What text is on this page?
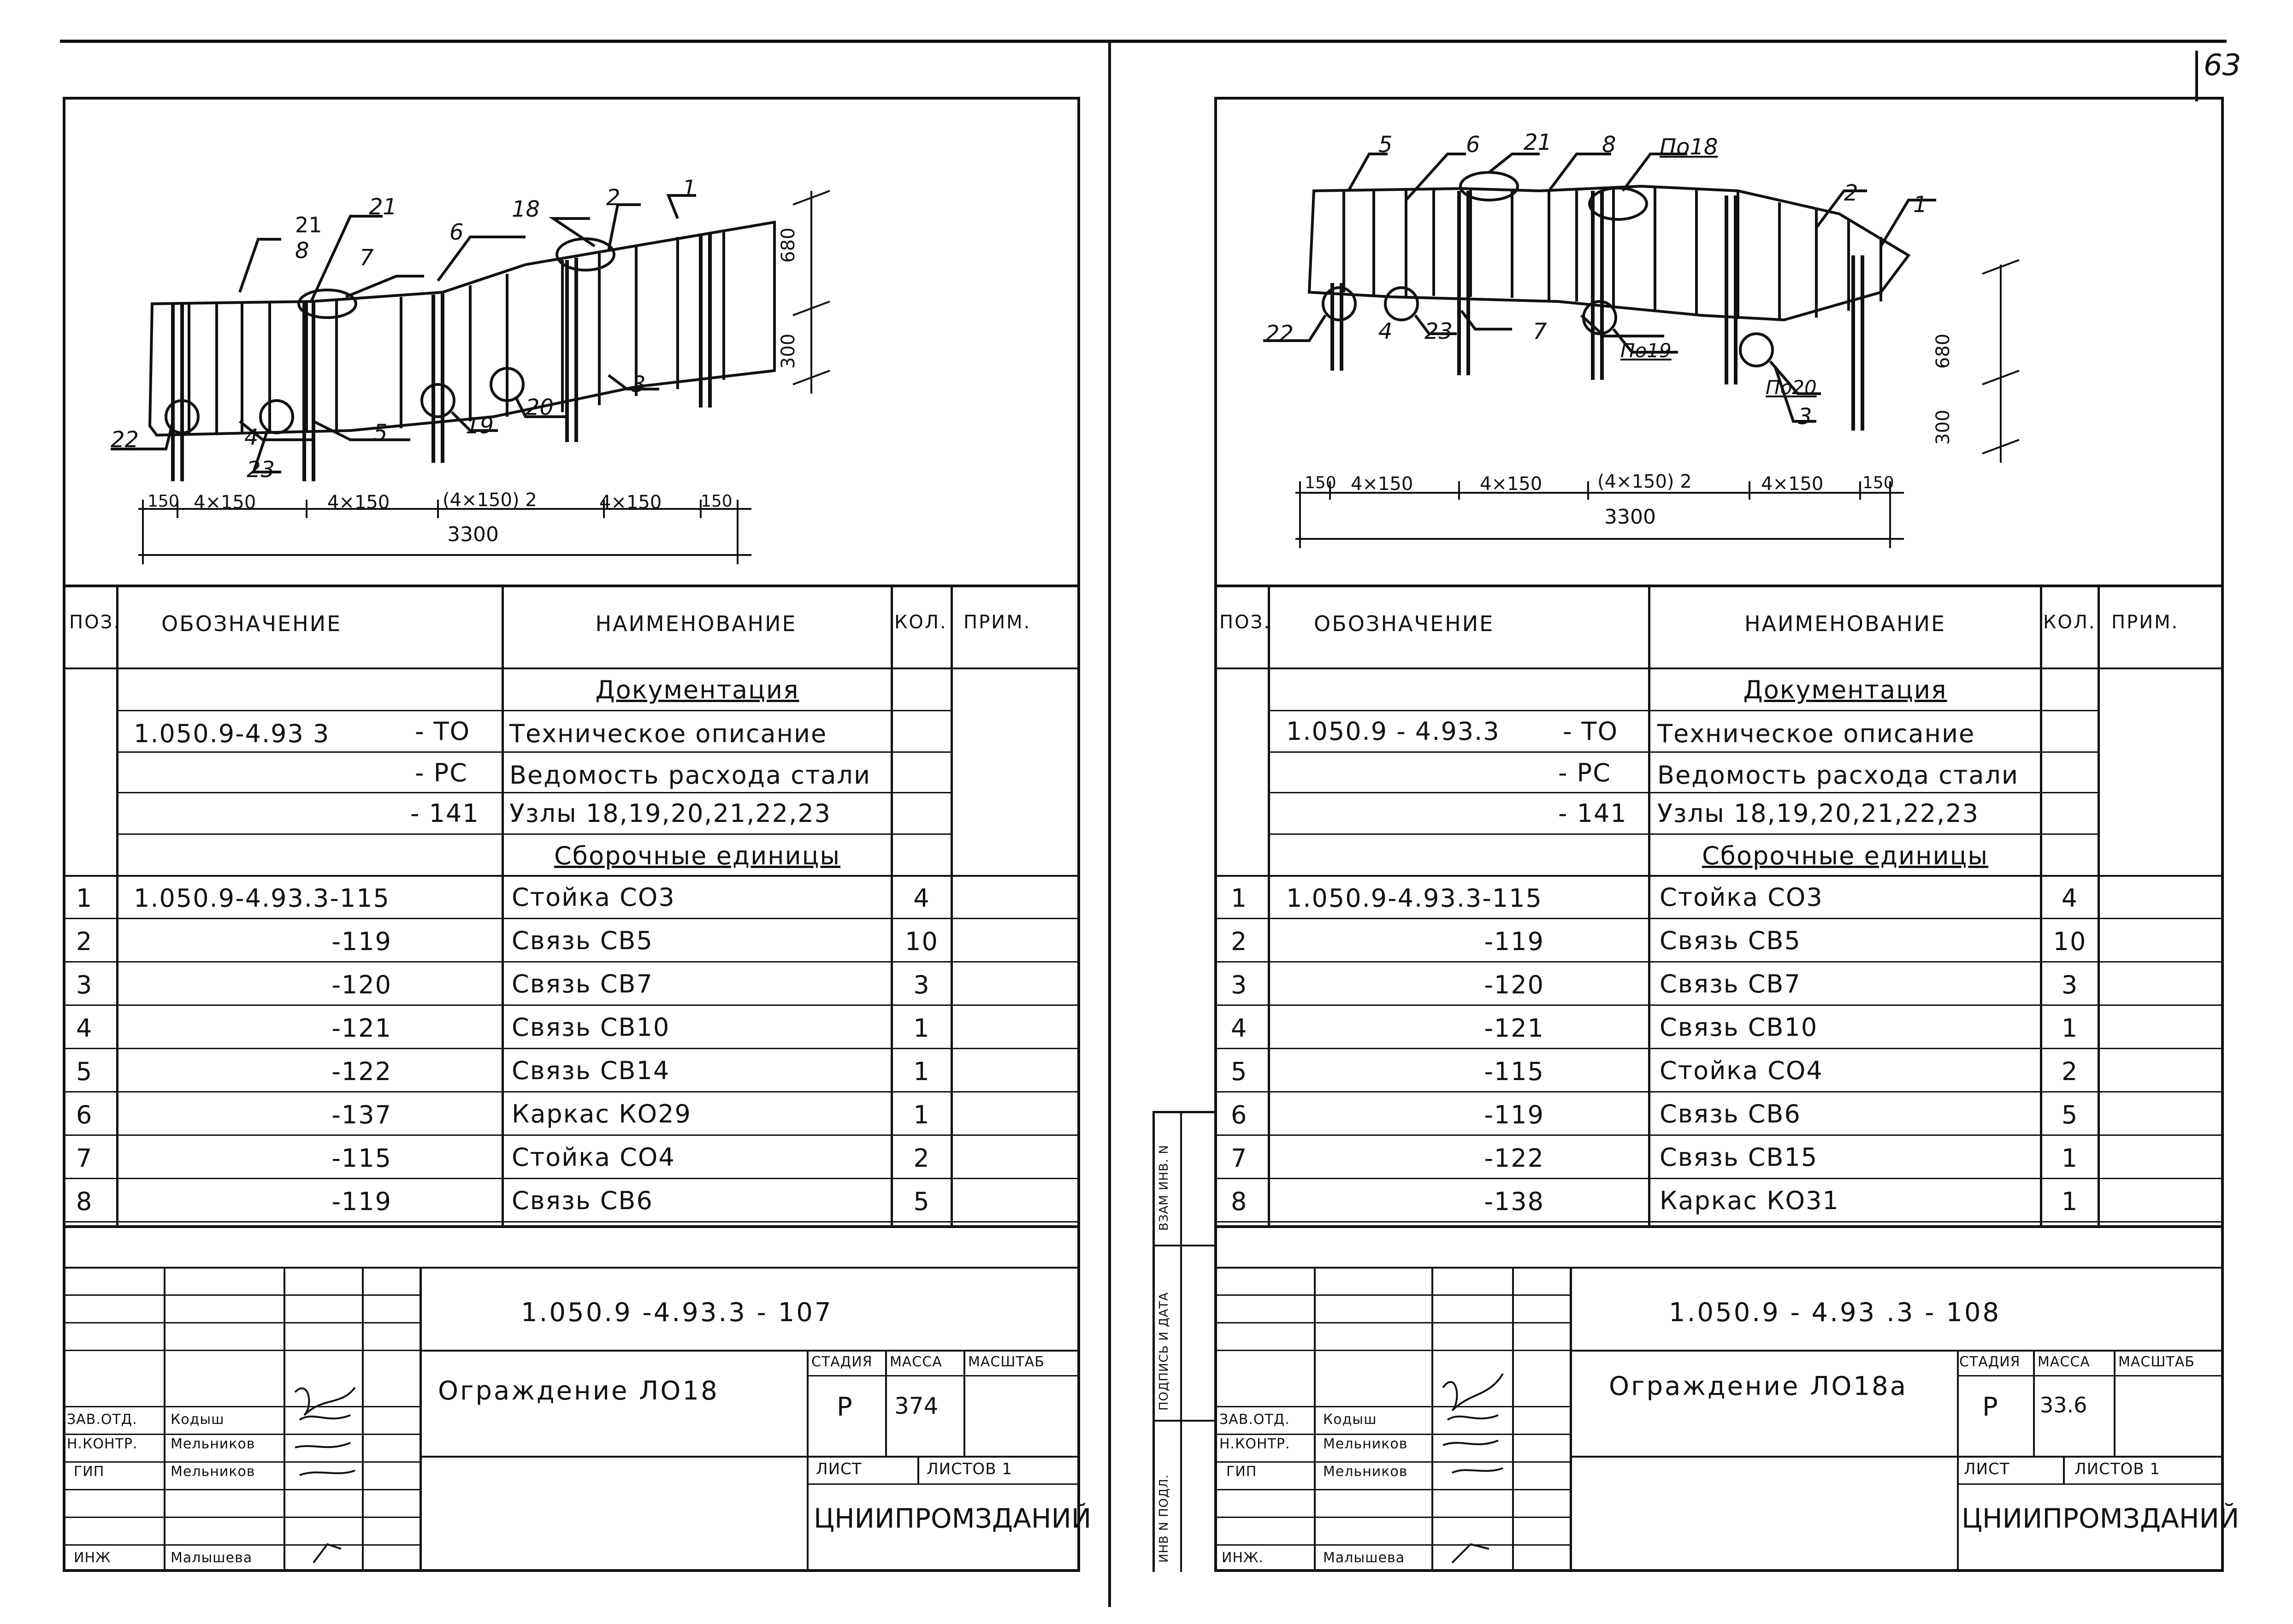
63
21
21
8 7
6
18	2	1
22	4
23
5	19
20
3
680
300
150 4×150	4×150	(4×150) 2	4×150 150
3300
ПОЗ. ОБОЗНАЧЕНИЕ	НАИМЕНОВАНИЕ	КОЛ. ПРИМ.
Документация
1.050.9-4.93 3	- ТО Техническое описание
- РС Ведомость расхода стали
- 141 Узлы 18,19,20,21,22,23
Сборочные единицы
1 1.050.9-4.93.3-115	Стойка СО3	4
2	-119	Связь СВ5	10
3	-120	Связь СВ7	3
4	-121	Связь СВ10	1
5	-122	Связь СВ14	1
6	-137	Каркас КО29	1
7	-115	Стойка СО4	2
8	-119	Связь СВ6	5
1.050.9 -4.93.3 - 107
Ограждение ЛО18
СТАДИЯ МАССА МАСШТАБ
Р 374
ЛИСТ	ЛИСТОВ 1
ЦНИИПРОМЗДАНИЙ
ЗАВ.ОТД. Кодыш
Н.КОНТР. Мельников
ГИП	Мельников
ИНЖ	Малышева
5	6 21 8 По18
2 1
22	4 23	7
По19
По20
3
680
300
150 4×150	4×150	(4×150) 2	4×150 150
3300
ПОЗ. ОБОЗНАЧЕНИЕ	НАИМЕНОВАНИЕ	КОЛ. ПРИМ.
Документация
1.050.9 - 4.93.3	- ТО Техническое описание
- РС Ведомость расхода стали
- 141 Узлы 18,19,20,21,22,23
Сборочные единицы
1 1.050.9-4.93.3-115	Стойка СО3	4
2	-119	Связь СВ5	10
3	-120	Связь СВ7	3
4	-121	Связь СВ10	1
5	-115	Стойка СО4	2
6	-119	Связь СВ6	5
7	-122	Связь СВ15	1
8	-138	Каркас КО31	1
ВЗАМ ИНВ. N
ПОДПИСЬ И ДАТА
ИНВ N ПОДЛ.
1.050.9 - 4.93 .3 - 108
Ограждение ЛО18а
СТАДИЯ МАССА МАСШТАБ
Р 33.6
ЛИСТ	ЛИСТОВ 1
ЦНИИПРОМЗДАНИЙ
ЗАВ.ОТД. Кодыш
Н.КОНТР. Мельников
ГИП	Мельников
ИНЖ.	Малышева
